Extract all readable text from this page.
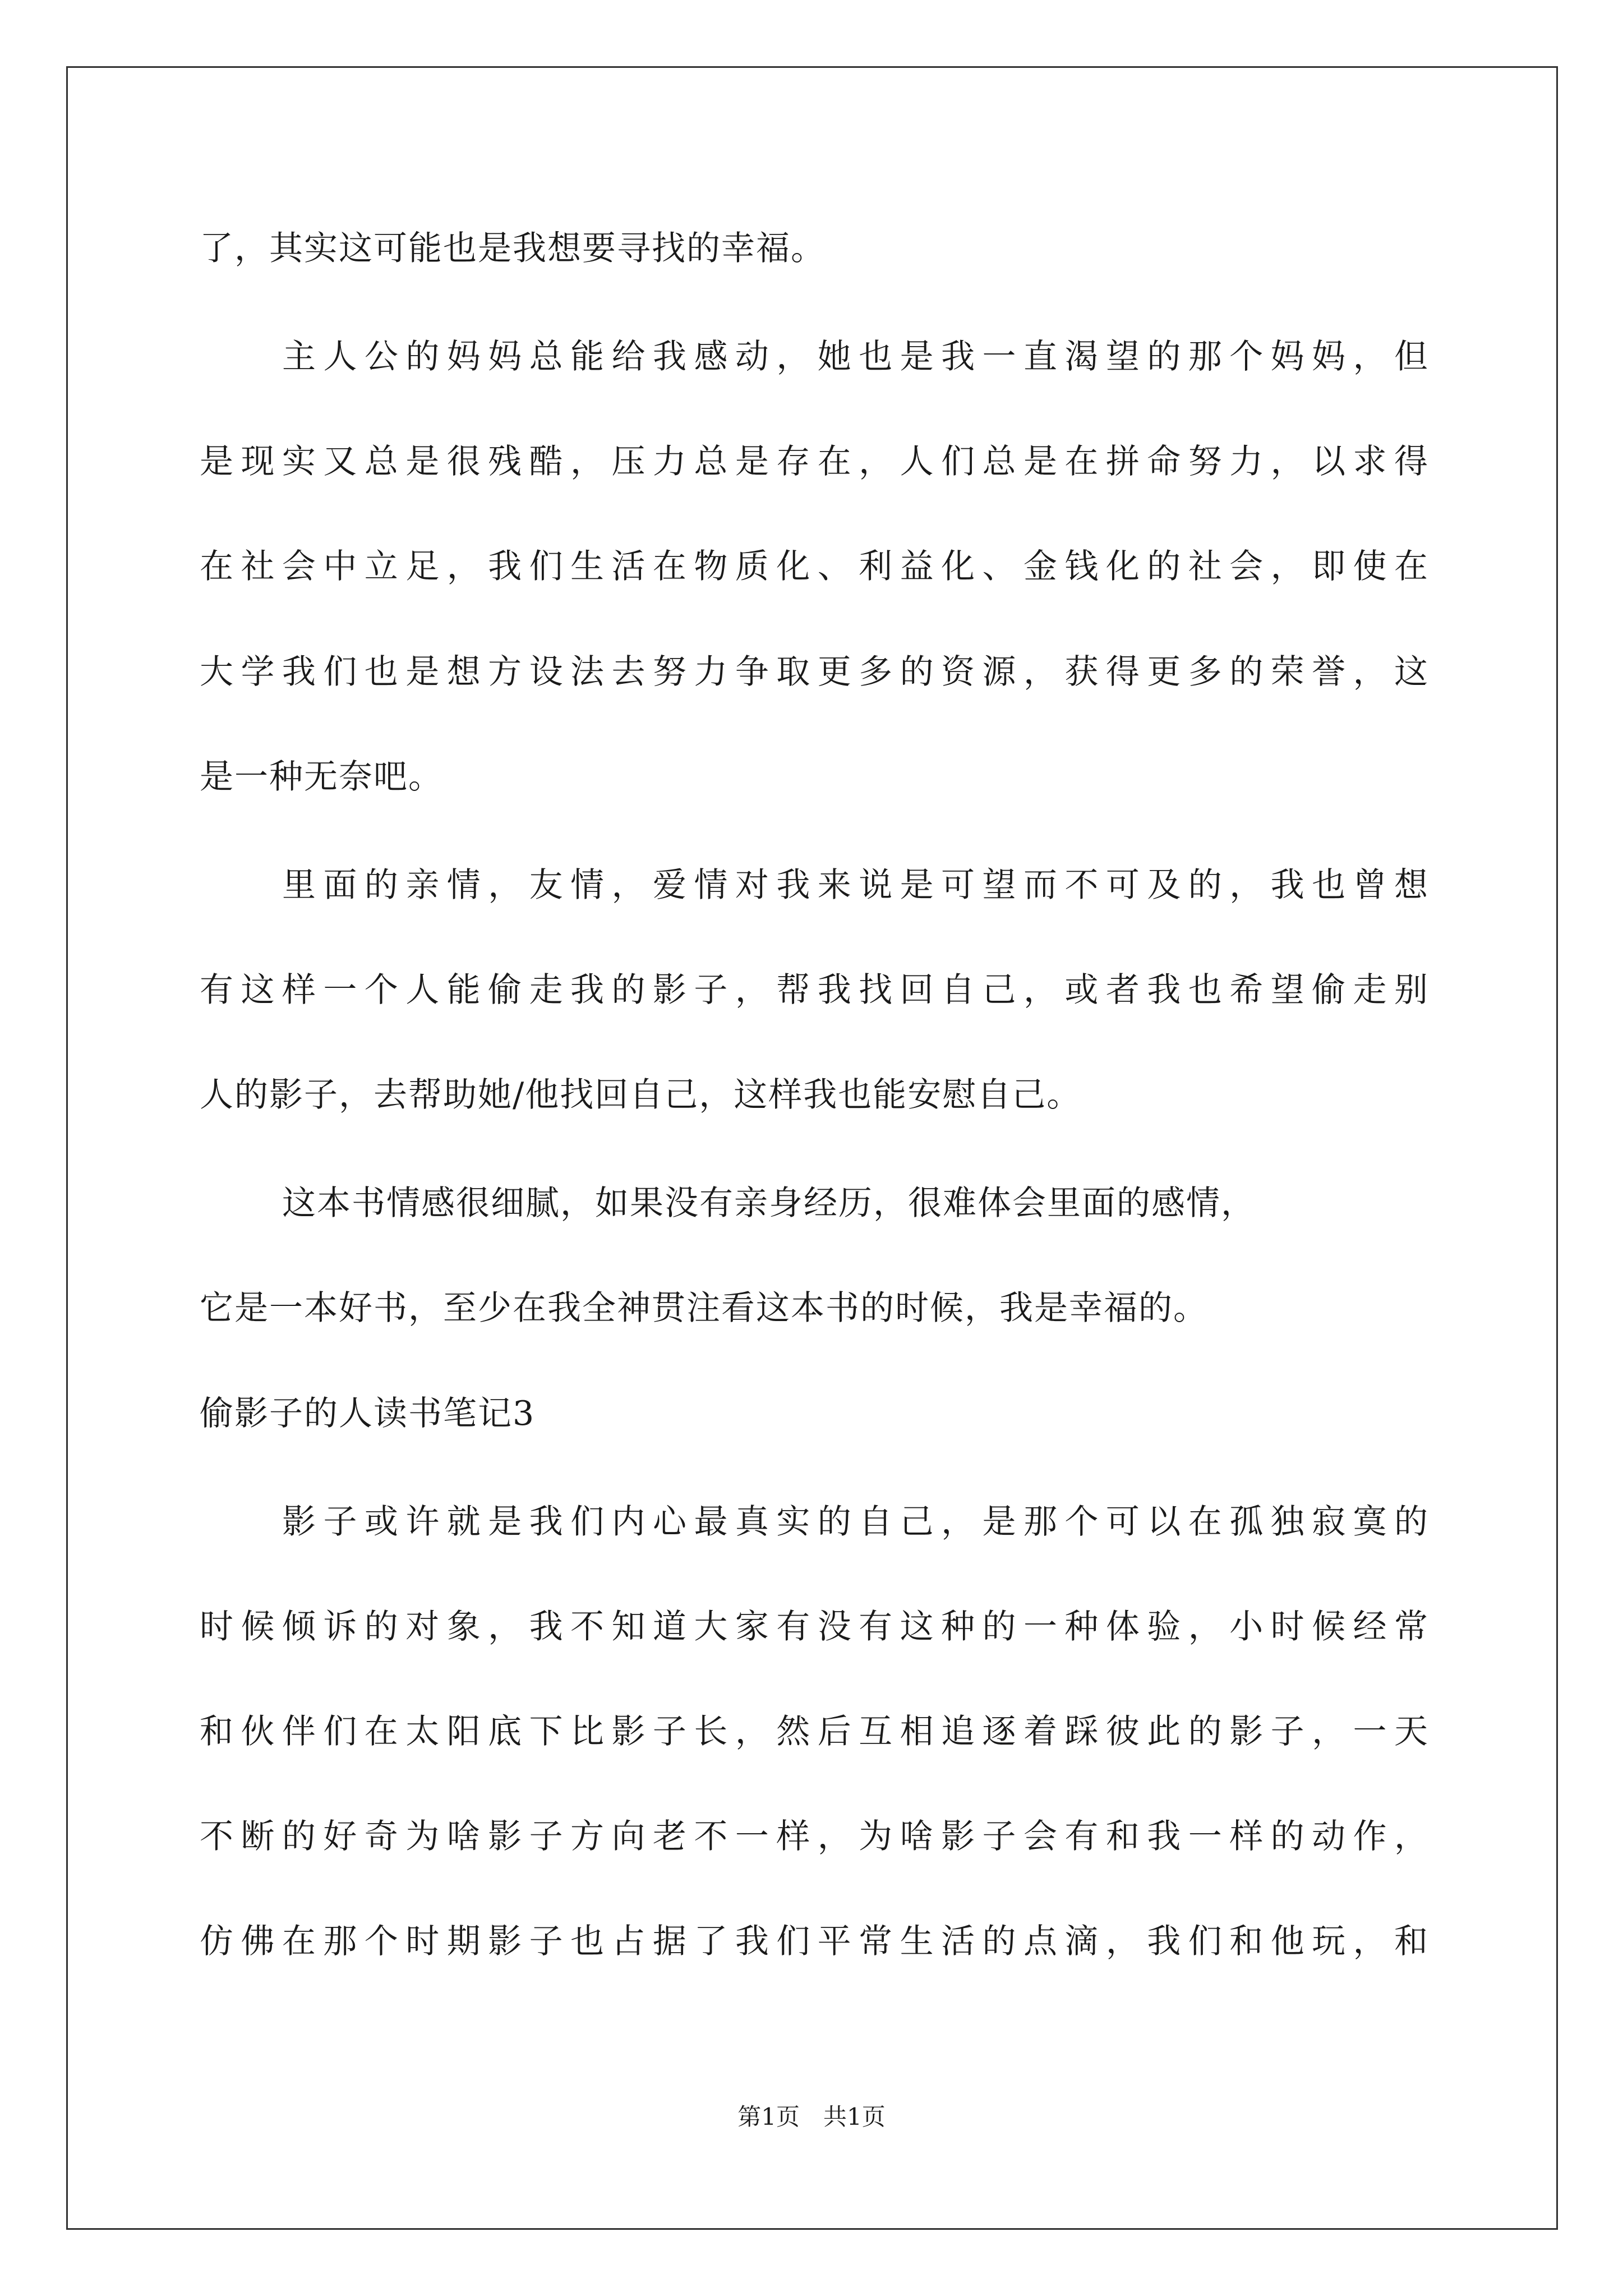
了，其实这可能也是我想要寻找的幸福。
主人公的妈妈总能给我感动，她也是我一直渴望的那个妈妈，但
是现实又总是很残酷，压力总是存在，人们总是在拼命努力，以求得
在社会中立足，我们生活在物质化、利益化、金钱化的社会，即使在
大学我们也是想方设法去努力争取更多的资源，获得更多的荣誉，这
是一种无奈吧。
里面的亲情，友情，爱情对我来说是可望而不可及的，我也曾想
有这样一个人能偷走我的影子，帮我找回自己，或者我也希望偷走别
人的影子，去帮助她/他找回自己，这样我也能安慰自己。
这本书情感很细腻，如果没有亲身经历，很难体会里面的感情，
它是一本好书，至少在我全神贯注看这本书的时候，我是幸福的。
偷影子的人读书笔记3
影子或许就是我们内心最真实的自己，是那个可以在孤独寂寞的
时候倾诉的对象，我不知道大家有没有这种的一种体验，小时候经常
和伙伴们在太阳底下比影子长，然后互相追逐着踩彼此的影子，一天
不断的好奇为啥影子方向老不一样，为啥影子会有和我一样的动作，
仿佛在那个时期影子也占据了我们平常生活的点滴，我们和他玩，和
第1页　共1页
